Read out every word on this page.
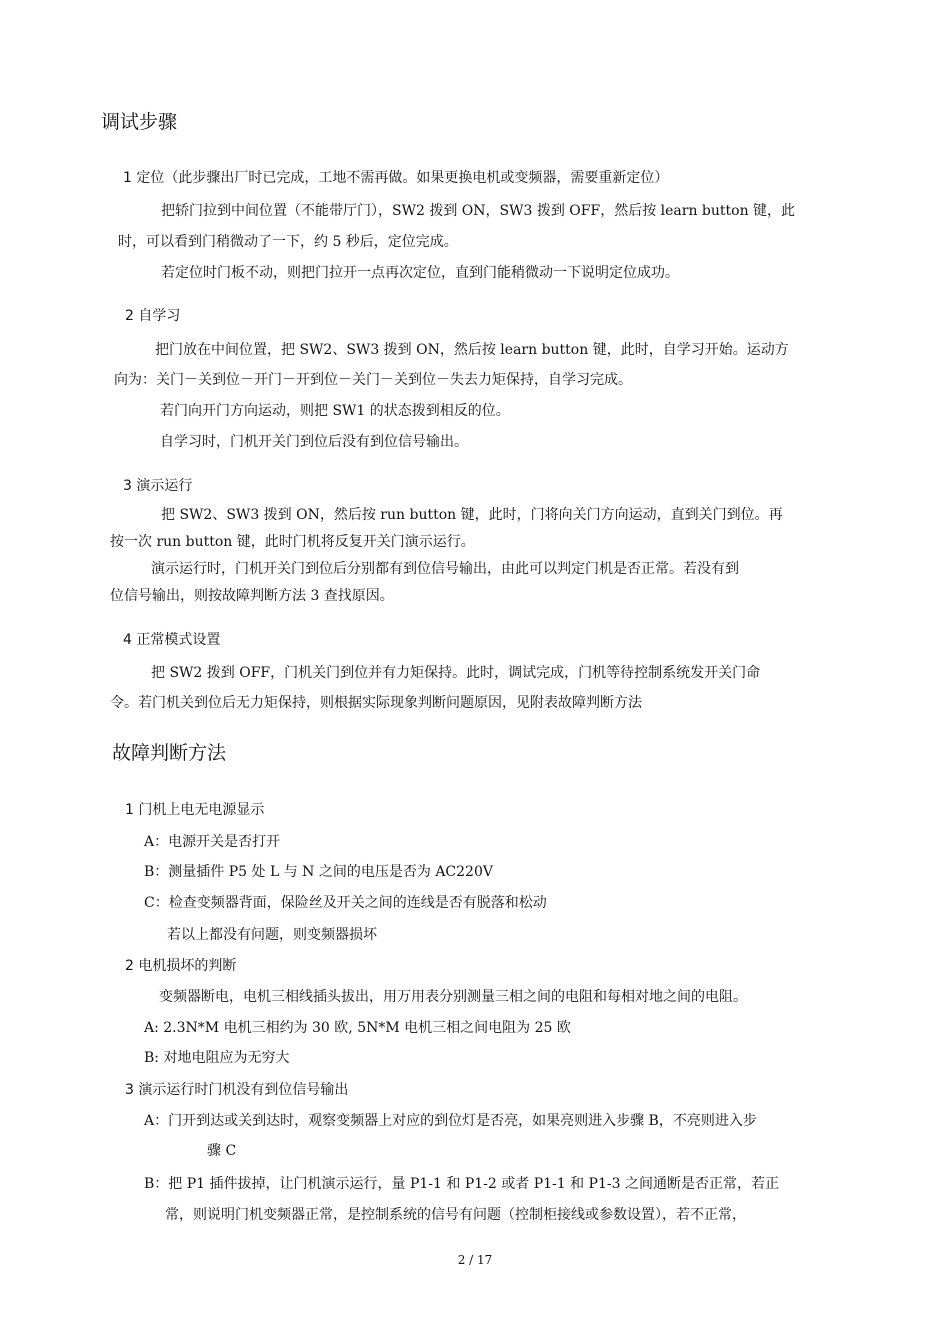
调试步骤
1 定位（此步骤出厂时已完成，工地不需再做。如果更换电机或变频器，需要重新定位）
把轿门拉到中间位置（不能带厅门），SW2 拨到 ON，SW3 拨到 OFF，然后按 learn button 键，此
时，可以看到门稍微动了一下，约 5 秒后，定位完成。
若定位时门板不动，则把门拉开一点再次定位，直到门能稍微动一下说明定位成功。
2 自学习
把门放在中间位置，把 SW2、SW3 拨到 ON，然后按 learn button 键，此时，自学习开始。运动方
向为：关门－关到位－开门－开到位－关门－关到位－失去力矩保持，自学习完成。
若门向开门方向运动，则把 SW1 的状态拨到相反的位。
自学习时，门机开关门到位后没有到位信号输出。
3 演示运行
把 SW2、SW3 拨到 ON，然后按 run button 键，此时，门将向关门方向运动，直到关门到位。再
按一次 run button 键，此时门机将反复开关门演示运行。
演示运行时，门机开关门到位后分别都有到位信号输出，由此可以判定门机是否正常。若没有到
位信号输出，则按故障判断方法 3 查找原因。
4 正常模式设置
把 SW2 拨到 OFF，门机关门到位并有力矩保持。此时，调试完成，门机等待控制系统发开关门命
令。若门机关到位后无力矩保持，则根据实际现象判断问题原因，见附表故障判断方法
故障判断方法
1 门机上电无电源显示
A：电源开关是否打开
B：测量插件 P5 处 L 与 N 之间的电压是否为 AC220V
C：检查变频器背面，保险丝及开关之间的连线是否有脱落和松动
若以上都没有问题，则变频器损坏
2 电机损坏的判断
变频器断电，电机三相线插头拔出，用万用表分别测量三相之间的电阻和每相对地之间的电阻。
A: 2.3N*M 电机三相约为 30 欧, 5N*M 电机三相之间电阻为 25 欧
B: 对地电阻应为无穷大
3 演示运行时门机没有到位信号输出
A：门开到达或关到达时，观察变频器上对应的到位灯是否亮，如果亮则进入步骤 B，不亮则进入步
骤 C
B：把 P1 插件拔掉，让门机演示运行，量 P1-1 和 P1-2 或者 P1-1 和 P1-3 之间通断是否正常，若正
常，则说明门机变频器正常，是控制系统的信号有问题（控制柜接线或参数设置），若不正常，
2 / 17
